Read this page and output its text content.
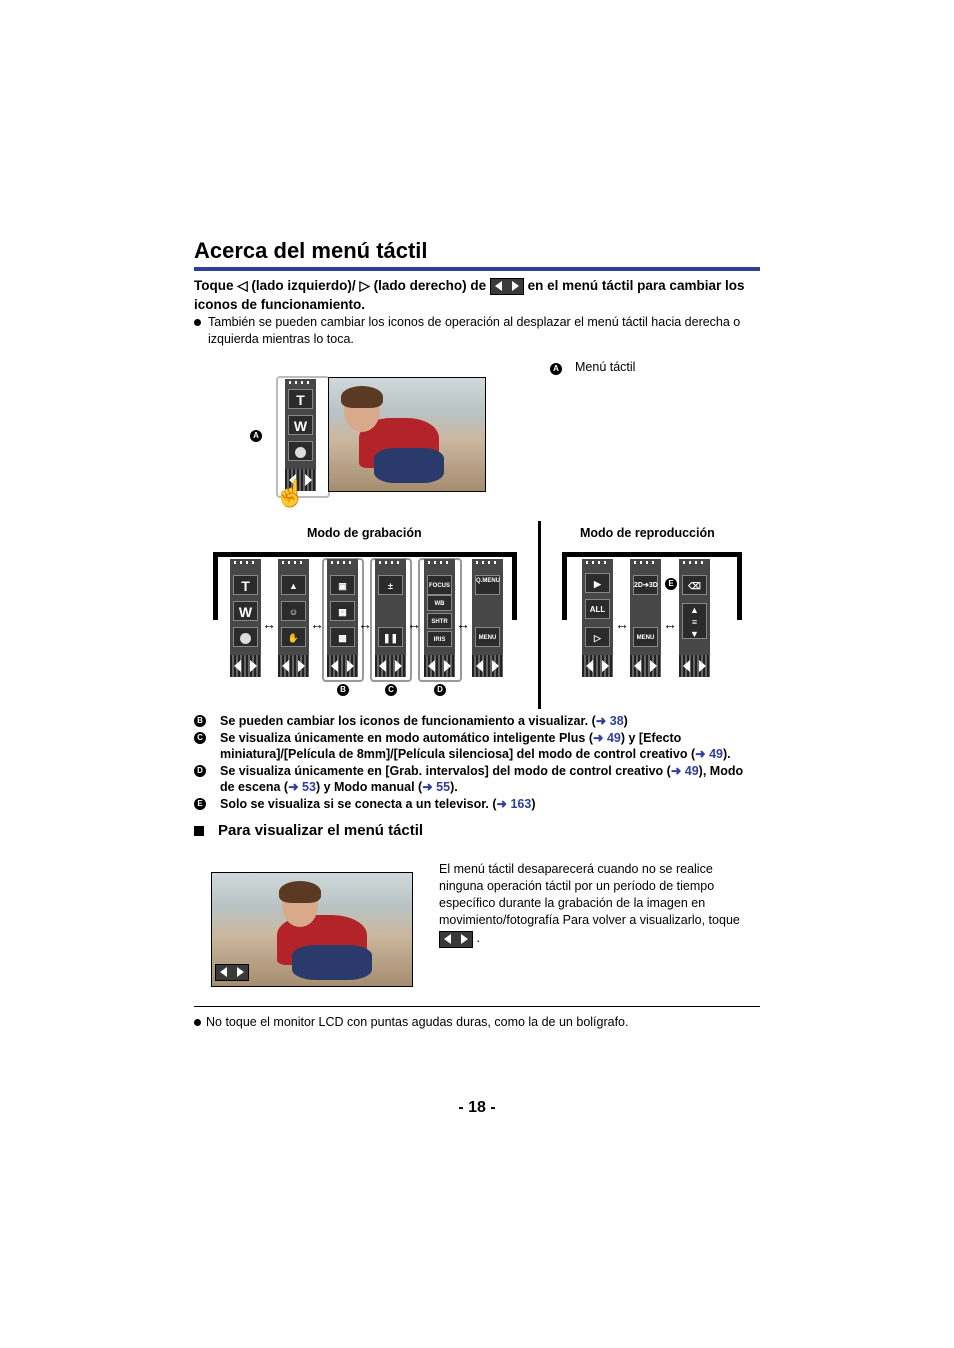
Acerca del menú táctil
Toque ◁ (lado izquierdo)/ ▷ (lado derecho) de	en el menú táctil para cambiar los iconos de funcionamiento.
También se pueden cambiar los iconos de operación al desplazar el menú táctil hacia derecha o izquierda mientras lo toca.
T
W
☝
A
A Menú táctil
Modo de grabación	Modo de reproducción
T
W
▲
☺
✋
▣
▦
▩
±
❚❚
FOCUS
WB
SHTR
IRIS
Q.MENU
MENU
↔ ↔ ↔	↔	↔
B	C	D
▶
ALL
▷
2D➔3D
MENU
E	⌫
▲
≡
▼
↔ ↔
B Se pueden cambiar los iconos de funcionamiento a visualizar. (➜ 38)
C Se visualiza únicamente en modo automático inteligente Plus (➜ 49) y [Efecto miniatura]/[Película de 8mm]/[Película silenciosa] del modo de control creativo (➜ 49).
D Se visualiza únicamente en [Grab. intervalos] del modo de control creativo (➜ 49), Modo de escena (➜ 53) y Modo manual (➜ 55).
E Solo se visualiza si se conecta a un televisor. (➜ 163)
Para visualizar el menú táctil
El menú táctil desaparecerá cuando no se realice ninguna operación táctil por un período de tiempo específico durante la grabación de la imagen en movimiento/fotografía Para volver a visualizarlo, toque
.
No toque el monitor LCD con puntas agudas duras, como la de un bolígrafo.
- 18 -
